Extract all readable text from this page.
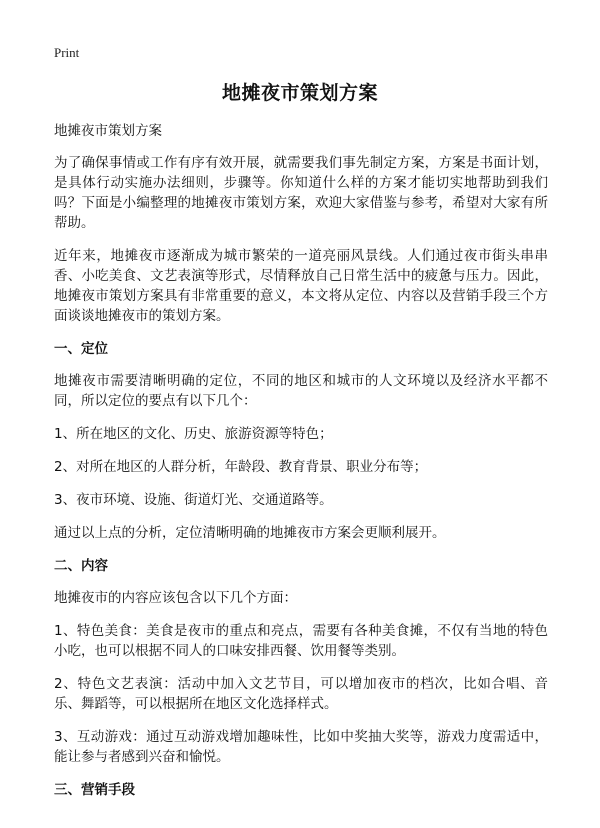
Print
地摊夜市策划方案

地摊夜市策划方案

为了确保事情或工作有序有效开展，就需要我们事先制定方案，方案是书面计划，是具体行动实施办法细则，步骤等。你知道什么样的方案才能切实地帮助到我们吗？下面是小编整理的地摊夜市策划方案，欢迎大家借鉴与参考，希望对大家有所帮助。

近年来，地摊夜市逐渐成为城市繁荣的一道亮丽风景线。人们通过夜市街头串串香、小吃美食、文艺表演等形式，尽情释放自己日常生活中的疲惫与压力。因此，地摊夜市策划方案具有非常重要的意义，本文将从定位、内容以及营销手段三个方面谈谈地摊夜市的策划方案。

一、定位

地摊夜市需要清晰明确的定位，不同的地区和城市的人文环境以及经济水平都不同，所以定位的要点有以下几个：

1、所在地区的文化、历史、旅游资源等特色；

2、对所在地区的人群分析，年龄段、教育背景、职业分布等；

3、夜市环境、设施、街道灯光、交通道路等。

通过以上点的分析，定位清晰明确的地摊夜市方案会更顺利展开。

二、内容

地摊夜市的内容应该包含以下几个方面：

1、特色美食：美食是夜市的重点和亮点，需要有各种美食摊，不仅有当地的特色小吃，也可以根据不同人的口味安排西餐、饮用餐等类别。

2、特色文艺表演：活动中加入文艺节目，可以增加夜市的档次，比如合唱、音乐、舞蹈等，可以根据所在地区文化选择样式。

3、互动游戏：通过互动游戏增加趣味性，比如中奖抽大奖等，游戏力度需适中，能让参与者感到兴奋和愉悦。

三、营销手段
